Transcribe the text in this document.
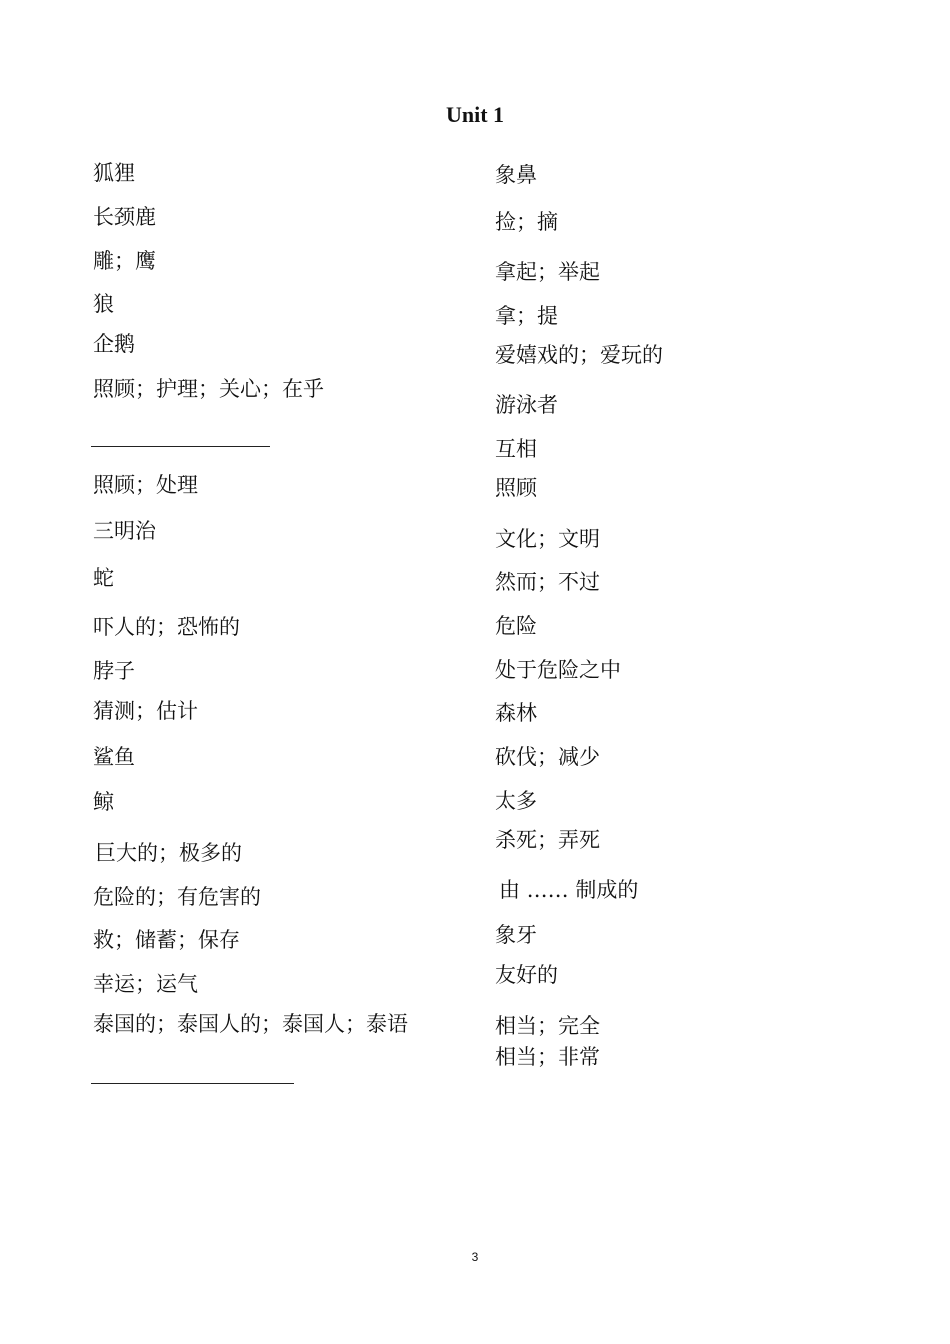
Unit 1
狐狸
长颈鹿
雕；鹰
狼
企鹅
照顾；护理；关心；在乎
照顾；处理
三明治
蛇
吓人的；恐怖的
脖子
猜测；估计
鲨鱼
鲸
巨大的；极多的
危险的；有危害的
救；储蓄；保存
幸运；运气
泰国的；泰国人的；泰国人；泰语
象鼻
捡；摘
拿起；举起
拿；提
爱嬉戏的；爱玩的
游泳者
互相
照顾
文化；文明
然而；不过
危险
处于危险之中
森林
砍伐；减少
太多
杀死；弄死
由 …… 制成的
象牙
友好的
相当；完全
相当；非常
3
